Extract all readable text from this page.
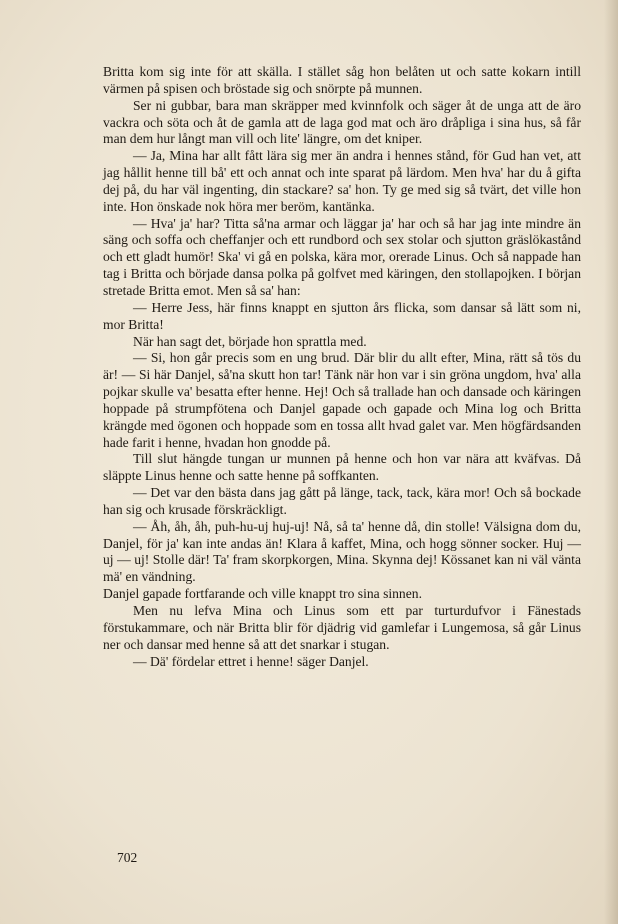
Britta kom sig inte för att skälla. I stället såg hon belåten ut och satte kokarn intill värmen på spisen och bröstade sig och snörpte på munnen.

Ser ni gubbar, bara man skräpper med kvinnfolk och säger åt de unga att de äro vackra och söta och åt de gamla att de laga god mat och äro dråpliga i sina hus, så får man dem hur långt man vill och lite' längre, om det kniper.

— Ja, Mina har allt fått lära sig mer än andra i hennes stånd, för Gud han vet, att jag hållit henne till bå' ett och annat och inte sparat på lärdom. Men hva' har du å gifta dej på, du har väl ingenting, din stackare? sa' hon. Ty ge med sig så tvärt, det ville hon inte. Hon önskade nok höra mer beröm, kantänka.

— Hva' ja' har? Titta så'na armar och läggar ja' har och så har jag inte mindre än säng och soffa och cheffanjer och ett rundbord och sex stolar och sjutton gräslökastånd och ett gladt humör! Ska' vi gå en polska, kära mor, orerade Linus. Och så nappade han tag i Britta och började dansa polka på golfvet med käringen, den stollapojken. I början stretade Britta emot. Men så sa' han:

— Herre Jess, här finns knappt en sjutton års flicka, som dansar så lätt som ni, mor Britta!

När han sagt det, började hon sprattla med.

— Si, hon går precis som en ung brud. Där blir du allt efter, Mina, rätt så tös du är! — Si här Danjel, så'na skutt hon tar! Tänk när hon var i sin gröna ungdom, hva' alla pojkar skulle va' besatta efter henne. Hej! Och så trallade han och dansade och käringen hoppade på strumpfötena och Danjel gapade och gapade och Mina log och Britta krängde med ögonen och hoppade som en tossa allt hvad galet var. Men högfärdsanden hade farit i henne, hvadan hon gnodde på.

Till slut hängde tungan ur munnen på henne och hon var nära att kväfvas. Då släppte Linus henne och satte henne på soffkanten.

— Det var den bästa dans jag gått på länge, tack, tack, kära mor! Och så bockade han sig och krusade förskräckligt.

— Åh, åh, åh, puh-hu-uj huj-uj! Nå, så ta' henne då, din stolle! Välsigna dom du, Danjel, för ja' kan inte andas än! Klara å kaffet, Mina, och hogg sönner socker. Huj — uj — uj! Stolle där! Ta' fram skorpkorgen, Mina. Skynna dej! Kössanet kan ni väl vänta mä' en vändning.

Danjel gapade fortfarande och ville knappt tro sina sinnen.

Men nu lefva Mina och Linus som ett par turturdufvor i Fänestads förstukammare, och när Britta blir för djädrig vid gamlefar i Lungemosa, så går Linus ner och dansar med henne så att det snarkar i stugan.

— Dä' fördelar ettret i henne! säger Danjel.

702
